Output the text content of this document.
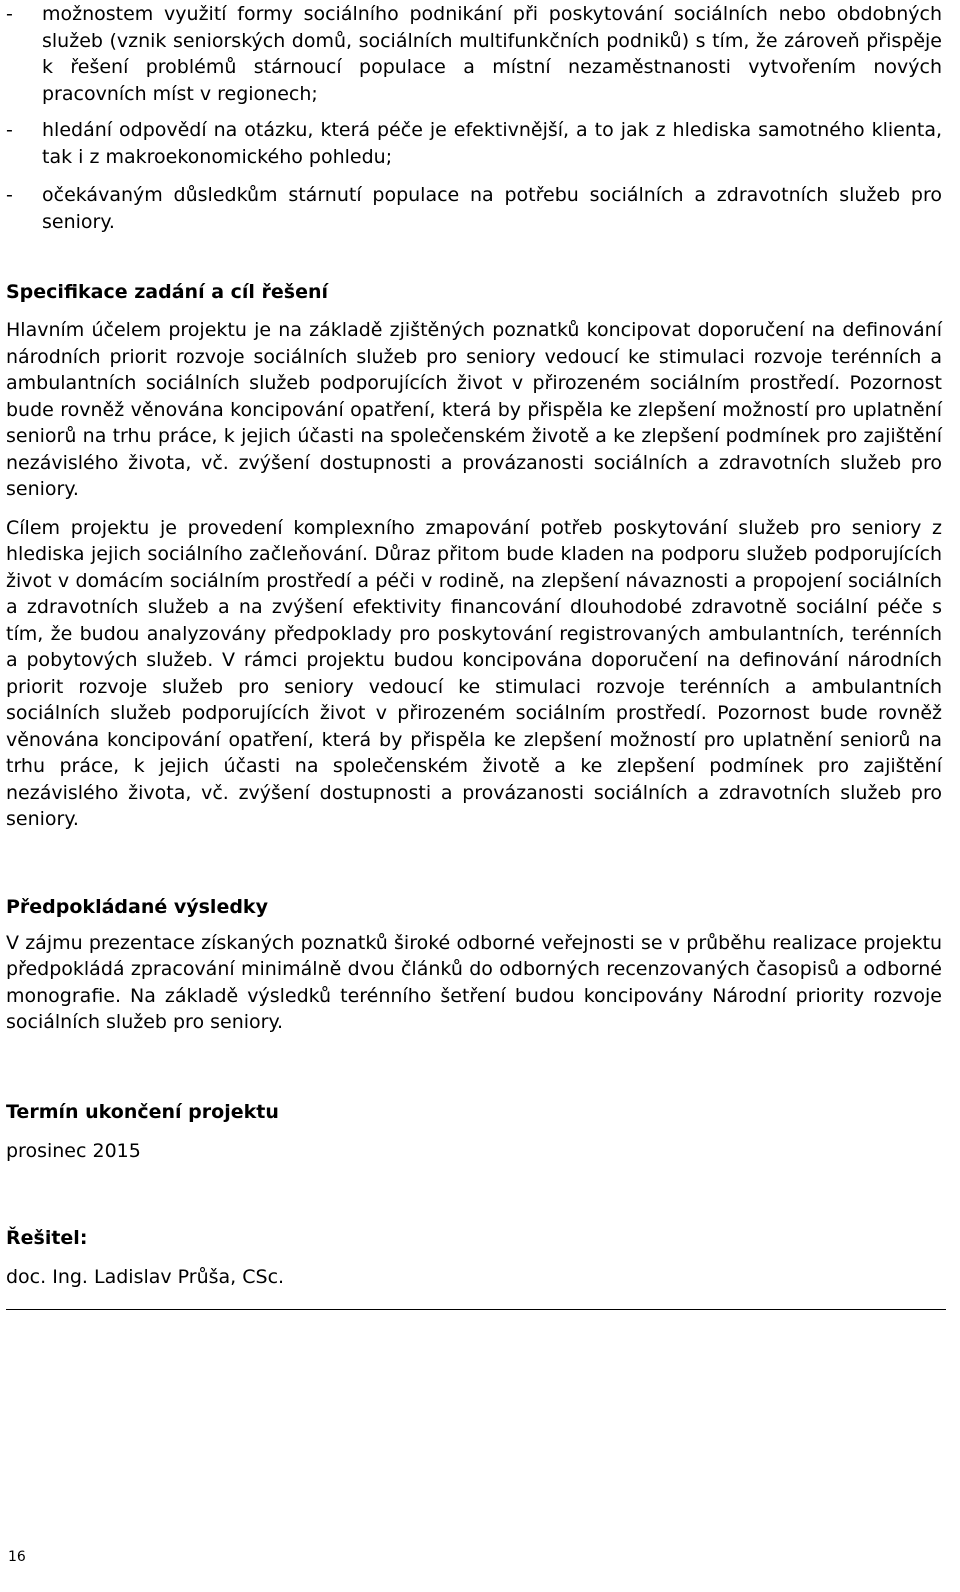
- možnostem využití formy sociálního podnikání při poskytování sociálních nebo obdobných služeb (vznik seniorských domů, sociálních multifunkčních podniků) s tím, že zároveň přispěje k řešení problémů stárnoucí populace a místní nezaměstnanosti vytvořením nových pracovních míst v regionech;
- hledání odpovědí na otázku, která péče je efektivnější, a to jak z hlediska samotného klienta, tak i z makroekonomického pohledu;
- očekávaným důsledkům stárnutí populace na potřebu sociálních a zdravotních služeb pro seniory.
Specifikace zadání a cíl řešení

Hlavním účelem projektu je na základě zjištěných poznatků koncipovat doporučení na definování národních priorit rozvoje sociálních služeb pro seniory vedoucí ke stimulaci rozvoje terénních a ambulantních sociálních služeb podporujících život v přirozeném sociálním prostředí. Pozornost bude rovněž věnována koncipování opatření, která by přispěla ke zlepšení možností pro uplatnění seniorů na trhu práce, k jejich účasti na společenském životě a ke zlepšení podmínek pro zajištění nezávislého života, vč. zvýšení dostupnosti a provázanosti sociálních a zdravotních služeb pro seniory.

Cílem projektu je provedení komplexního zmapování potřeb poskytování služeb pro seniory z hlediska jejich sociálního začleňování. Důraz přitom bude kladen na podporu služeb podporujících život v domácím sociálním prostředí a péči v rodině, na zlepšení návaznosti a propojení sociálních a zdravotních služeb a na zvýšení efektivity financování dlouhodobé zdravotně sociální péče s tím, že budou analyzovány předpoklady pro poskytování registrovaných ambulantních, terénních a pobytových služeb. V rámci projektu budou koncipována doporučení na definování národních priorit rozvoje služeb pro seniory vedoucí ke stimulaci rozvoje terénních a ambulantních sociálních služeb podporujících život v přirozeném sociálním prostředí. Pozornost bude rovněž věnována koncipování opatření, která by přispěla ke zlepšení možností pro uplatnění seniorů na trhu práce, k jejich účasti na společenském životě a ke zlepšení podmínek pro zajištění nezávislého života, vč. zvýšení dostupnosti a provázanosti sociálních a zdravotních služeb pro seniory.

Předpokládané výsledky

V zájmu prezentace získaných poznatků široké odborné veřejnosti se v průběhu realizace projektu předpokládá zpracování minimálně dvou článků do odborných recenzovaných časopisů a odborné monografie. Na základě výsledků terénního šetření budou koncipovány Národní priority rozvoje sociálních služeb pro seniory.

Termín ukončení projektu

prosinec 2015

Řešitel:

doc. Ing. Ladislav Průša, CSc.

16
